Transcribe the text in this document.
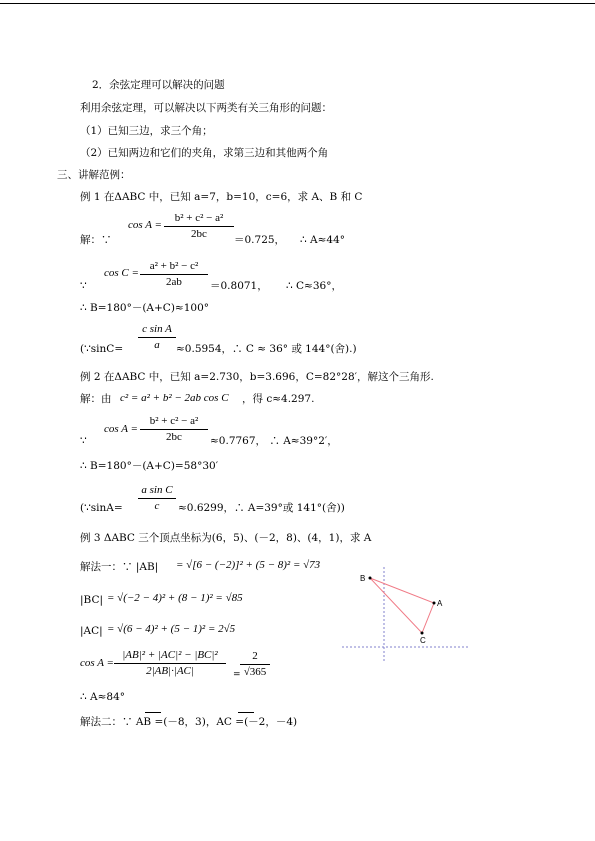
2．余弦定理可以解决的问题
利用余弦定理，可以解决以下两类有关三角形的问题：
（1）已知三边，求三个角；
（2）已知两边和它们的夹角，求第三边和其他两个角
三、讲解范例：
例 1 在ΔABC 中，已知 a=7，b=10，c=6，求 A、B 和 C
解：∵
$\cos A = \frac{\text{b² + c² − a²}}{2bc} =0.725$， ∴ A≈44°
∵
$\cos C = \frac{\text{a² + b² − c²}}{2ab} =0.8071$， ∴ C≈36°，
∴ B=180°－(A+C)≈100°
(∵sinC= $\frac{\text{c sin A}}{a} \approx 0.5954$，∴ C ≈ 36° 或 144°(舍).)
例 2 在ΔABC 中，已知 a=2.730，b=3.696，C=82°28′，解这个三角形.
解：由 c² = a² + b² − 2ab cos C ，得 c≈4.297.
∵
$\cos A = \frac{\text{b² + c² − a²}}{2bc} \approx 0.7767$， ∴ A≈39°2′，
∴ B=180°－(A+C)=58°30′
(∵sinA= $\frac{\text{a sin C}}{c} \approx 0.6299$，∴ A=39°或 141°(舍))
例 3 ΔABC 三个顶点坐标为(6，5)、(－2，8)、(4，1)，求 A
解法一：∵ |AB| = √[6 − (−2)]² + (5 − 8)² = √73
|BC| = √(−2 − 4)² + (8 − 1)² = √85
|AC| = √(6 − 4)² + (5 − 1)² = 2√5
$\cos A = \frac{\text{|AB|² + |AC|² − |BC|²}}{2|AB|\cdot|AC|} = \frac{2}{√365}$
∴ A≈84°
解法二：∵ AB =(－8，3)，AC =(－2，－4)
B
A
C
